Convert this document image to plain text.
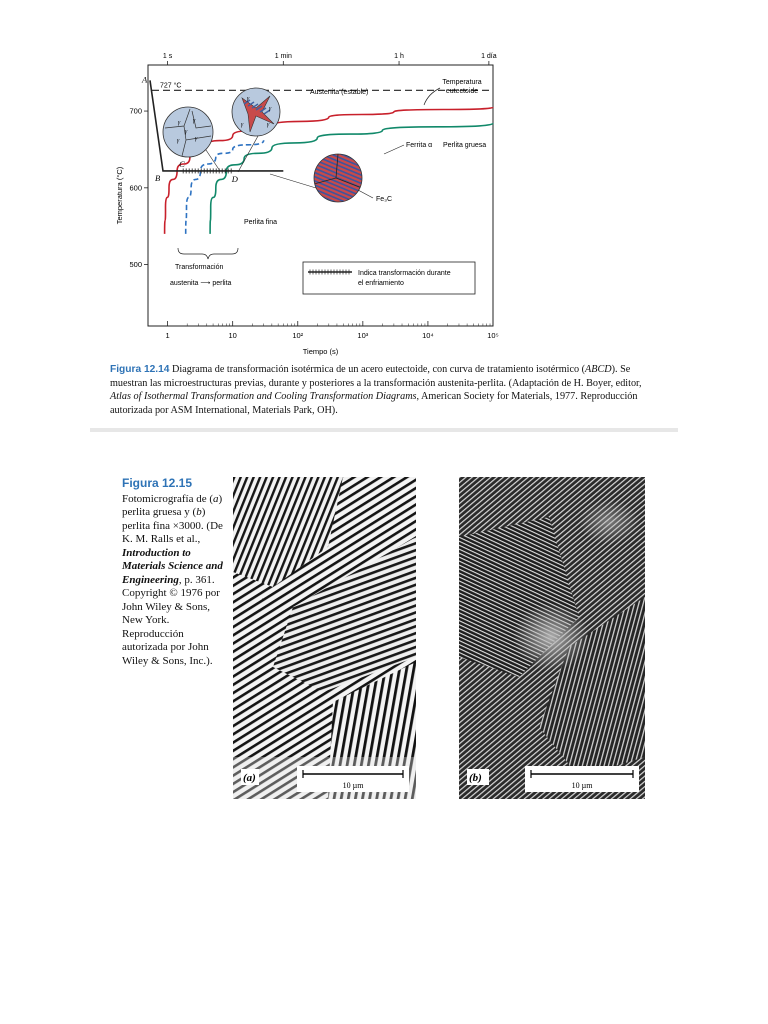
1	10	10²	10³	10⁴	10⁵
500
600
700
1 s	1 min	1 h	1 día
Tiempo (s)
Temperatura (°C)
γ γ
γ	γ
γ
γ	γ
γ
γ
A
B
C
D
727 °C
Austenita (estable)
Temperatura
eutectoide
Ferrita α Perlita gruesa
Fe₃C
Perlita fina
Transformación
austenita ⟶ perlita
Indica transformación durante
el enfriamiento
Figura 12.14 Diagrama de transformación isotérmica de un acero eutectoide, con curva de tratamiento isotérmico (ABCD). Se muestran las microestructuras previas, durante y posteriores a la transformación austenita-perlita. (Adaptación de H. Boyer, editor, Atlas of Isothermal Transformation and Cooling Transformation Diagrams, American Society for Materials, 1977. Reproducción autorizada por ASM International, Materials Park, OH).
Figura 12.15
Fotomicrografía de (a) perlita gruesa y (b) perlita fina ×3000. (De K. M. Ralls et al., Introduction to Materials Science and Engineering, p. 361. Copyright © 1976 por John Wiley & Sons, New York. Reproducción autorizada por John Wiley & Sons, Inc.).
(a)
10 µm
(b)
10 µm
